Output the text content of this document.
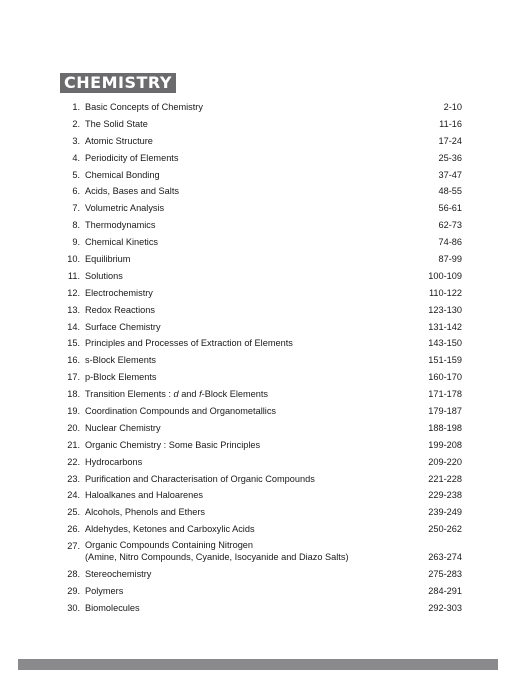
CHEMISTRY
1. Basic Concepts of Chemistry	2-10
2. The Solid State	11-16
3. Atomic Structure	17-24
4. Periodicity of Elements	25-36
5. Chemical Bonding	37-47
6. Acids, Bases and Salts	48-55
7. Volumetric Analysis	56-61
8. Thermodynamics	62-73
9. Chemical Kinetics	74-86
10. Equilibrium	87-99
11. Solutions	100-109
12. Electrochemistry	110-122
13. Redox Reactions	123-130
14. Surface Chemistry	131-142
15. Principles and Processes of Extraction of Elements	143-150
16. s-Block Elements	151-159
17. p-Block Elements	160-170
18. Transition Elements : d and f-Block Elements	171-178
19. Coordination Compounds and Organometallics	179-187
20. Nuclear Chemistry	188-198
21. Organic Chemistry : Some Basic Principles	199-208
22. Hydrocarbons	209-220
23. Purification and Characterisation of Organic Compounds	221-228
24. Haloalkanes and Haloarenes	229-238
25. Alcohols, Phenols and Ethers	239-249
26. Aldehydes, Ketones and Carboxylic Acids	250-262
27. Organic Compounds Containing Nitrogen
(Amine, Nitro Compounds, Cyanide, Isocyanide and Diazo Salts)	263-274
28. Stereochemistry	275-283
29. Polymers	284-291
30. Biomolecules	292-303
